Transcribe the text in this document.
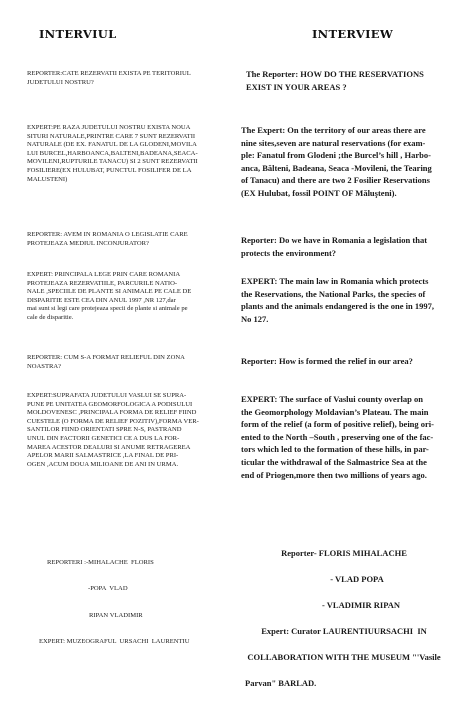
INTERVIUL

REPORTER:CATE REZERVATII EXISTA PE TERITORIUL
JUDETULUI NOSTRU?

EXPERT:PE RAZA JUDETULUI NOSTRU EXISTA NOUA
SITURI NATURALE,PRINTRE CARE 7 SUNT REZERVATII
NATURALE (DE EX. FANATUL DE LA GLODENI,MOVILA
LUI BURCEL,HARBOANCA,BALTENI,BADEANA,SEACA-
MOVILENI,RUPTURILE TANACU) SI 2 SUNT REZERVATII
FOSILIERE(EX HULUBAT, PUNCTUL FOSILIFER DE LA
MALUSTENI)

REPORTER: AVEM IN ROMANIA O LEGISLATIE CARE
PROTEJEAZA MEDIUL INCONJURATOR?

EXPERT: PRINCIPALA LEGE PRIN CARE ROMANIA
PROTEJEAZA REZERVATIILE, PARCURILE NATIO-
NALE ,SPECIILE DE PLANTE SI ANIMALE PE CALE DE
DISPARITIE ESTE CEA DIN ANUL 1997 ,NR 127,dar
mai sunt si legi care protejeaza specii de plante si animale pe
cale de disparitie.

REPORTER: CUM S-A FORMAT RELIEFUL DIN ZONA
NOASTRA?

EXPERT:SUPRAFATA JUDETULUI VASLUI SE SUPRA-
PUNE PE UNITATEA GEOMORFOLOGICA A PODISULUI
MOLDOVENESC ,PRINCIPALA FORMA DE RELIEF FIIND
CUESTELE (O FORMA DE RELIEF POZITIV),FORMA VER-
SANTILOR FIIND ORIENTATI SPRE N-S, PASTRAND
UNUL DIN FACTORII GENETICI CE A DUS LA FOR-
MAREA ACESTOR DEALURI SI ANUME RETRAGEREA
APELOR MARII SALMASTRICE ,LA FINAL DE PRI-
OGEN ,ACUM DOUA MILIOANE DE ANI IN URMA.

REPORTERI :-MIHALACHE  FLORIS

-POPA  VLAD

RIPAN VLADIMIR

EXPERT: MUZEOGRAFUL  URSACHI  LAURENTIU

INTERVIEW

The Reporter: HOW DO THE RESERVATIONS
EXIST IN YOUR AREAS ?

The Expert: On the territory of our areas there are
nine sites,seven are natural reservations (for exam-
ple: Fanatul from Glodeni ;the Burcel’s hill , Harbo-
anca, Bălteni, Badeana, Seaca -Movileni, the Tearing
of Tanacu) and there are two 2 Fosilier Reservations
(EX Hulubat, fossil POINT OF Măluşteni).

Reporter: Do we have in Romania a legislation that
protects the environment?

EXPERT: The main law in Romania which protects
the Reservations, the National Parks, the species of
plants and the animals endangered is the one in 1997,
No 127.

Reporter: How is formed the relief in our area?

EXPERT: The surface of Vaslui county overlap on
the Geomorphology Moldavian’s Plateau. The main
form of the relief (a form of positive relief), being ori-
ented to the North –South , preserving one of the fac-
tors which led to the formation of these hills, in par-
ticular the withdrawal of the Salmastrice Sea at the
end of Priogen,more then two millions of years ago.

Reporter- FLORIS MIHALACHE

- VLAD POPA

- VLADIMIR RIPAN

Expert: Curator LAURENTIUURSACHI  IN

COLLABORATION WITH THE MUSEUM "'Vasile

Parvan" BARLAD.
